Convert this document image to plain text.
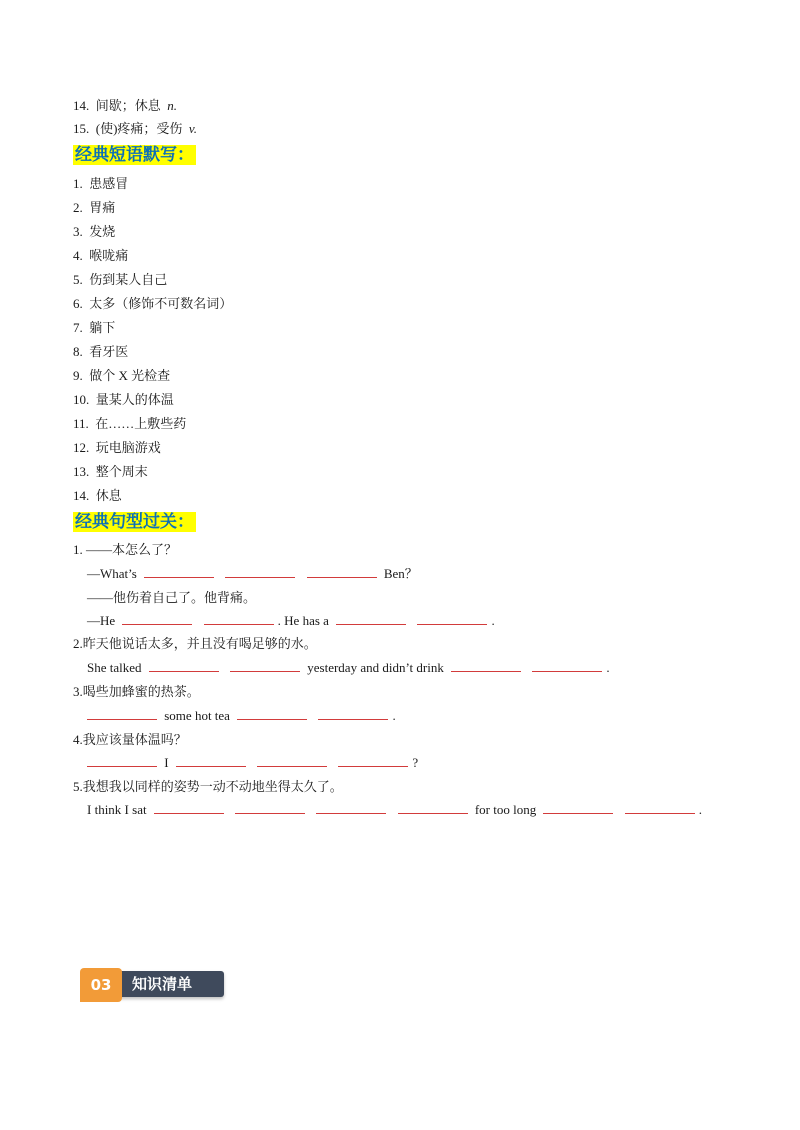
14. 间歇；休息 n.
15. (使)疼痛；受伤 v.
经典短语默写：
1. 患感冒
2. 胃痛
3. 发烧
4. 喉咙痛
5. 伤到某人自己
6. 太多（修饰不可数名词）
7. 躺下
8. 看牙医
9. 做个 X 光检查
10. 量某人的体温
11. 在……上敷些药
12. 玩电脑游戏
13. 整个周末
14. 休息
经典句型过关：
1. ——本怎么了？
—What’s	Ben？
——他伤着自己了。他背痛。
—He	. He has a	.
2.昨天他说话太多，并且没有喝足够的水。
She talked	yesterday and didn’t drink	.
3.喝些加蜂蜜的热茶。
some hot tea	.
4.我应该量体温吗？
I	?
5.我想我以同样的姿势一动不动地坐得太久了。
I think I sat	for too long	.
03	知识清单
